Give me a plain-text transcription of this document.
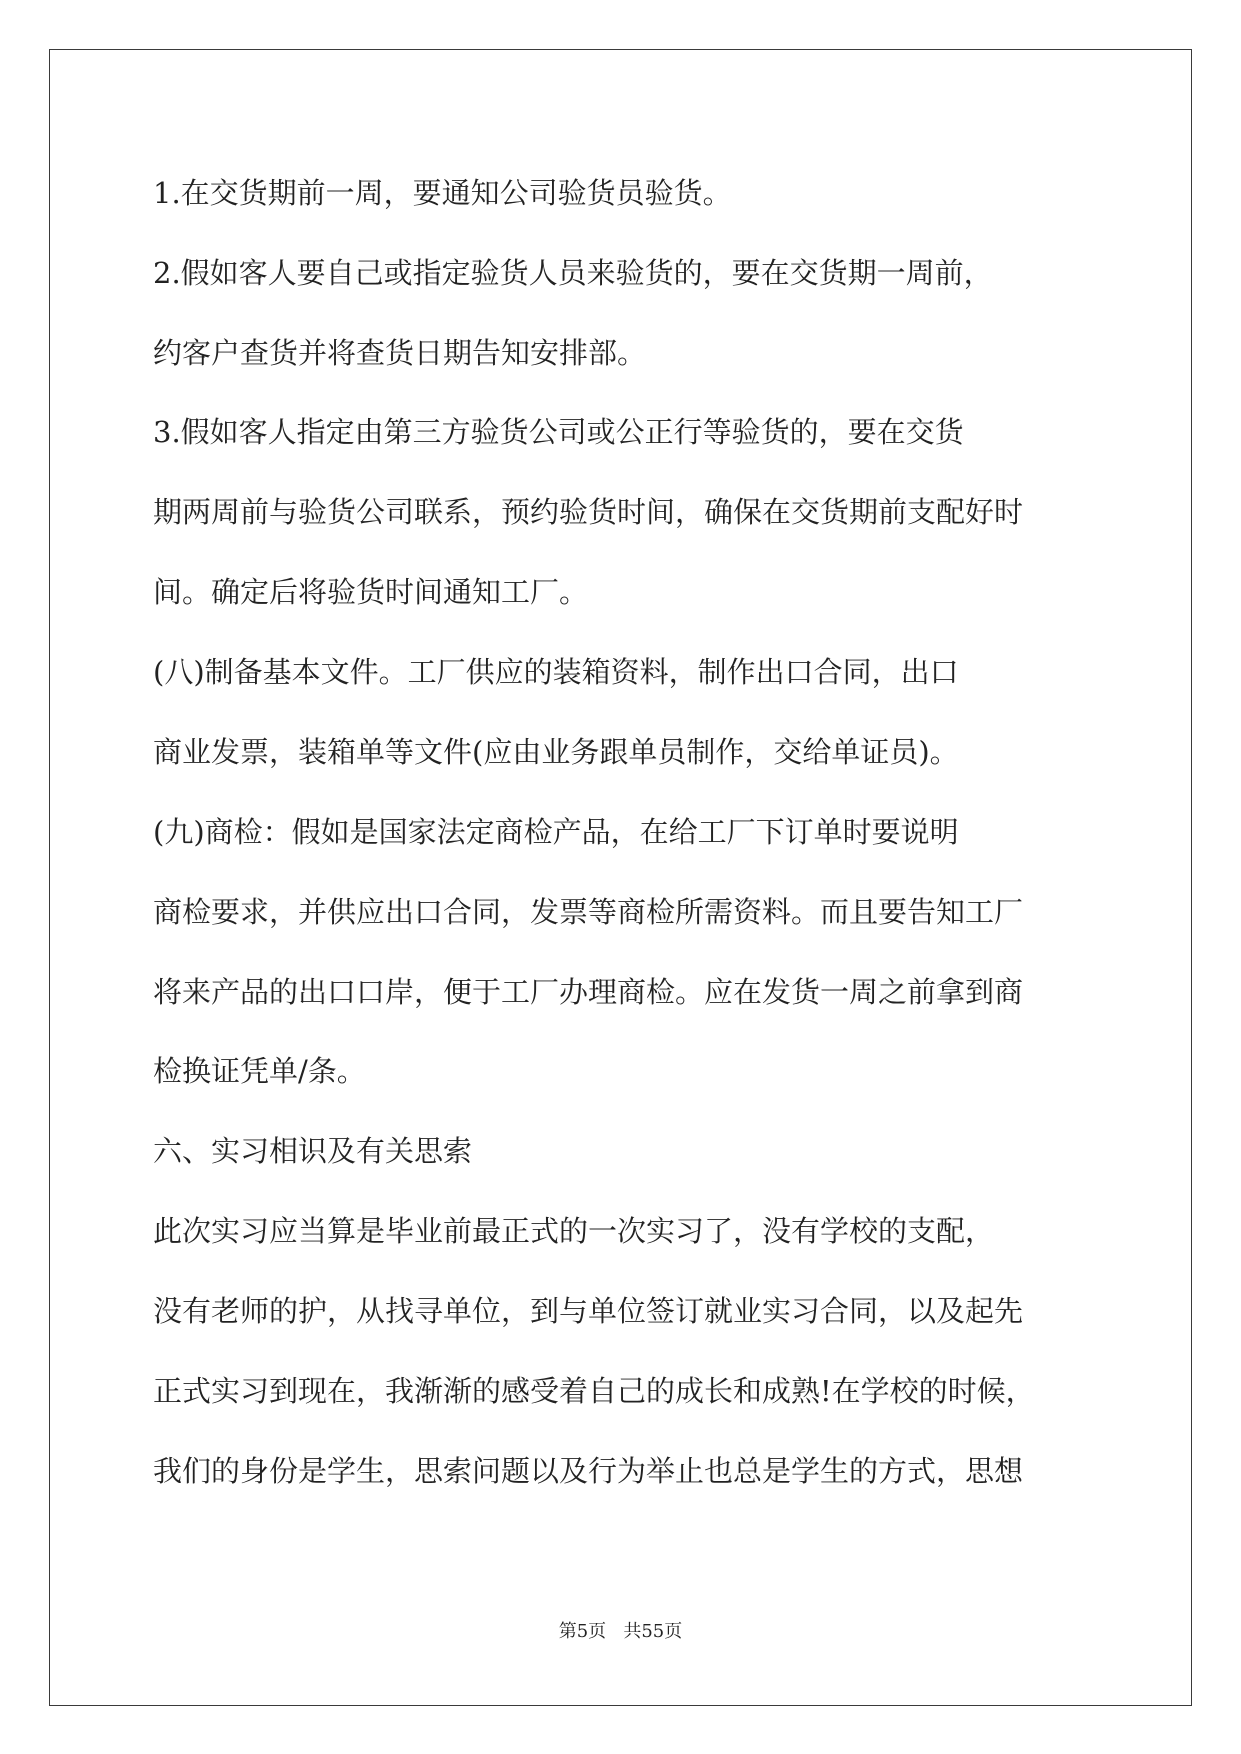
1.在交货期前一周，要通知公司验货员验货。

2.假如客人要自己或指定验货人员来验货的，要在交货期一周前，

约客户查货并将查货日期告知安排部。

3.假如客人指定由第三方验货公司或公正行等验货的，要在交货

期两周前与验货公司联系，预约验货时间，确保在交货期前支配好时

间。确定后将验货时间通知工厂。

(八)制备基本文件。工厂供应的装箱资料，制作出口合同，出口

商业发票，装箱单等文件(应由业务跟单员制作，交给单证员)。

(九)商检：假如是国家法定商检产品，在给工厂下订单时要说明

商检要求，并供应出口合同，发票等商检所需资料。而且要告知工厂

将来产品的出口口岸，便于工厂办理商检。应在发货一周之前拿到商

检换证凭单/条。

六、实习相识及有关思索

此次实习应当算是毕业前最正式的一次实习了，没有学校的支配，

没有老师的护，从找寻单位，到与单位签订就业实习合同，以及起先

正式实习到现在，我渐渐的感受着自己的成长和成熟!在学校的时候，

我们的身份是学生，思索问题以及行为举止也总是学生的方式，思想

第5页   共55页
